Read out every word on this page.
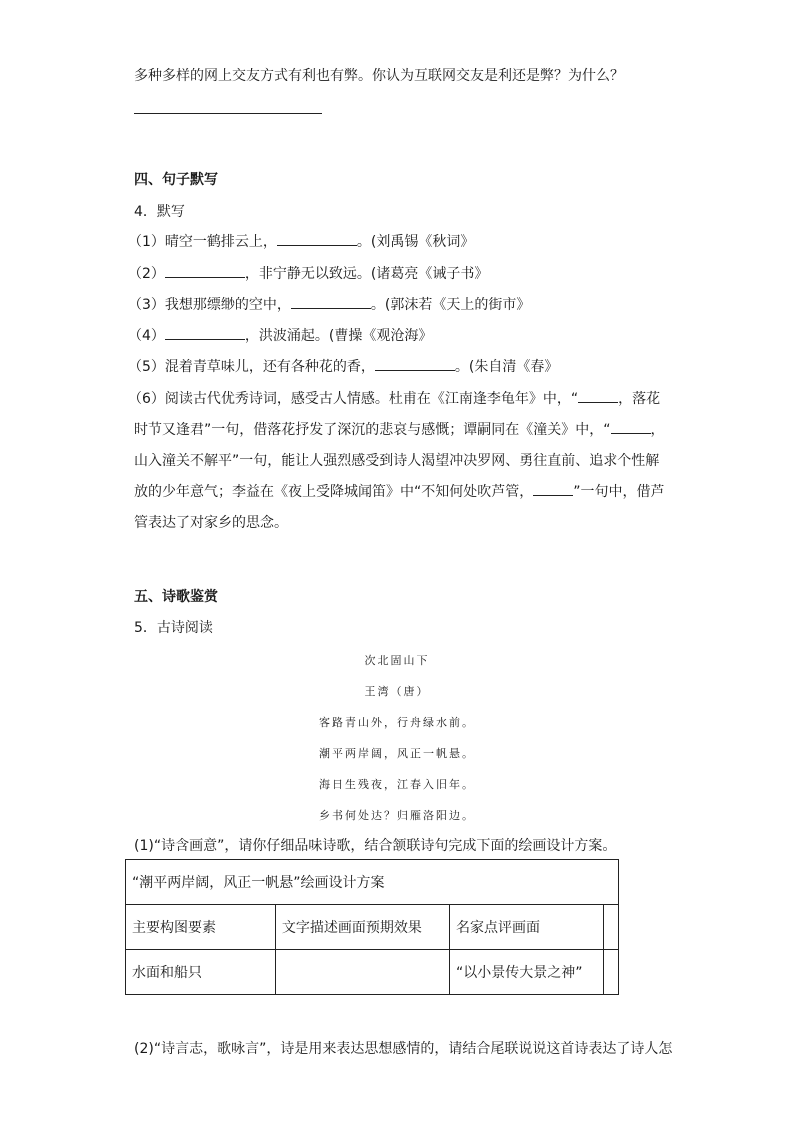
多种多样的网上交友方式有利也有弊。你认为互联网交友是利还是弊？为什么？
四、句子默写
4．默写
（1）晴空一鹤排云上，	。(刘禹锡《秋词》
（2）	，非宁静无以致远。(诸葛亮《诫子书》
（3）我想那缥缈的空中，	。(郭沫若《天上的街市》
（4）	，洪波涌起。(曹操《观沧海》
（5）混着青草味儿，还有各种花的香，	。(朱自清《春》
（6）阅读古代优秀诗词，感受古人情感。杜甫在《江南逢李龟年》中，“	，落花
时节又逢君”一句，借落花抒发了深沉的悲哀与感慨；谭嗣同在《潼关》中，“	，
山入潼关不解平”一句，能让人强烈感受到诗人渴望冲决罗网、勇往直前、追求个性解
放的少年意气；李益在《夜上受降城闻笛》中“不知何处吹芦管，	”一句中，借芦
管表达了对家乡的思念。
五、诗歌鉴赏
5．古诗阅读
次北固山下
王湾（唐）
客路青山外，行舟绿水前。
潮平两岸阔，风正一帆悬。
海日生残夜，江春入旧年。
乡书何处达？归雁洛阳边。
(1)“诗含画意”，请你仔细品味诗歌，结合颔联诗句完成下面的绘画设计方案。
“潮平两岸阔，风正一帆悬”绘画设计方案			
主要构图要素	文字描述画面预期效果	名家点评画面	
水面和船只		“以小景传大景之神”	
(2)“诗言志，歌咏言”，诗是用来表达思想感情的，请结合尾联说说这首诗表达了诗人怎
